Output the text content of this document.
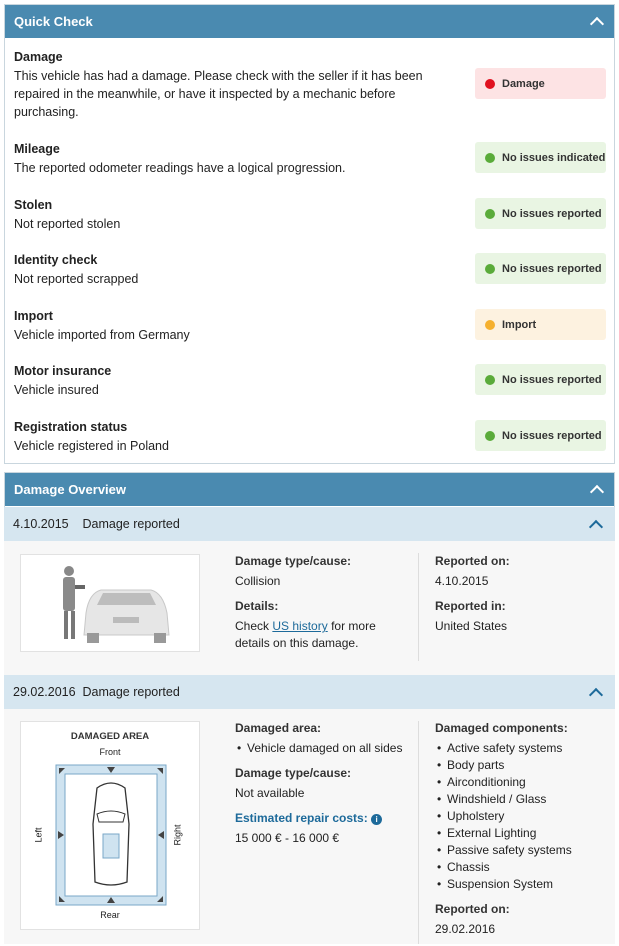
Quick Check
Damage
This vehicle has had a damage. Please check with the seller if it has been repaired in the meanwhile, or have it inspected by a mechanic before purchasing.
Damage
Mileage
The reported odometer readings have a logical progression.
No issues indicated
Stolen
Not reported stolen
No issues reported
Identity check
Not reported scrapped
No issues reported
Import
Vehicle imported from Germany
Import
Motor insurance
Vehicle insured
No issues reported
Registration status
Vehicle registered in Poland
No issues reported
Damage Overview
4.10.2015 Damage reported
Damage type/cause:
Collision
Details:
Check US history for more details on this damage.
Reported on:
4.10.2015
Reported in:
United States
29.02.2016 Damage reported
DAMAGED AREA
Front
Rear
Left	Right
Damaged area:
• Vehicle damaged on all sides
Damage type/cause:
Not available
Estimated repair costs: i
15 000 € - 16 000 €
Damaged components:
• Active safety systems
• Body parts
• Airconditioning
• Windshield / Glass
• Upholstery
• External Lighting
• Passive safety systems
• Chassis
• Suspension System
Reported on:
29.02.2016
